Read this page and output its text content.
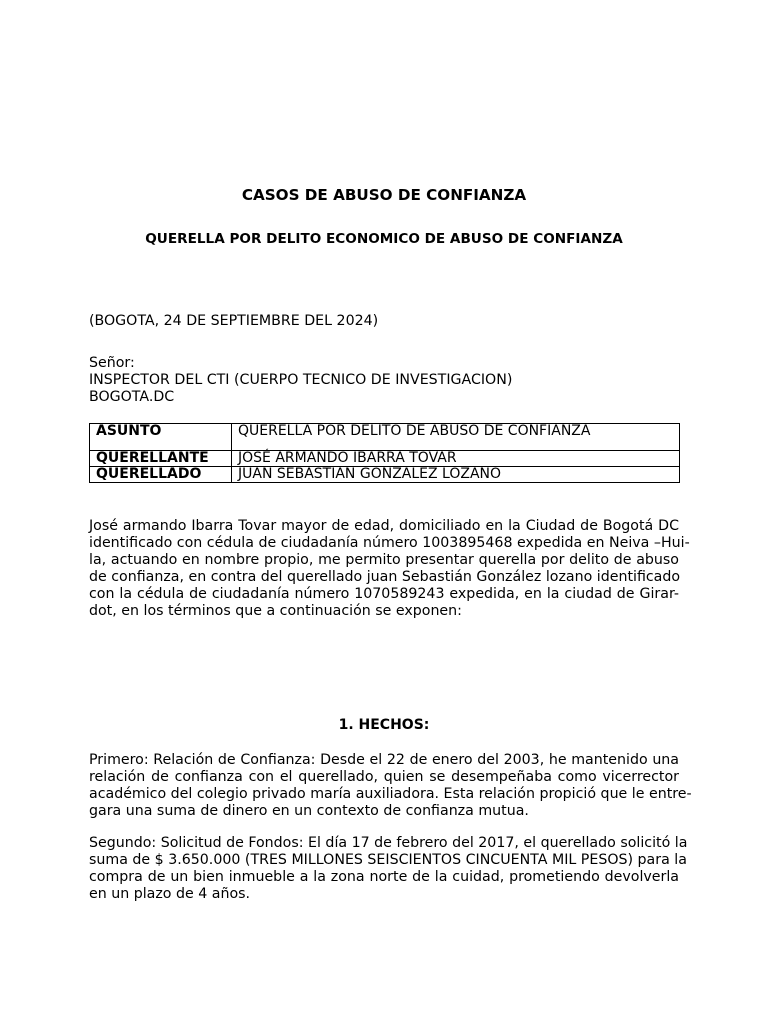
CASOS DE ABUSO DE CONFIANZA
QUERELLA POR DELITO ECONOMICO DE ABUSO DE CONFIANZA
(BOGOTA, 24 DE SEPTIEMBRE DEL 2024)
Señor:
INSPECTOR DEL CTI (CUERPO TECNICO DE INVESTIGACION)
BOGOTA.DC
ASUNTO	QUERELLA POR DELITO DE ABUSO DE CONFIANZA
QUERELLANTE	JOSÉ ARMANDO IBARRA TOVAR
QUERELLADO	JUAN SEBASTIAN GONZALEZ LOZANO
José armando Ibarra Tovar mayor de edad, domiciliado en la Ciudad de Bogotá DC
identificado con cédula de ciudadanía número 1003895468 expedida en Neiva –Hui-
la, actuando en nombre propio, me permito presentar querella por delito de abuso
de confianza, en contra del querellado juan Sebastián González lozano identificado
con la cédula de ciudadanía número 1070589243 expedida, en la ciudad de Girar-
dot, en los términos que a continuación se exponen:
1. HECHOS:
Primero: Relación de Confianza: Desde el 22 de enero del 2003, he mantenido una
relación de confianza con el querellado, quien se desempeñaba como vicerrector
académico del colegio privado maría auxiliadora. Esta relación propició que le entre-
gara una suma de dinero en un contexto de confianza mutua.
Segundo: Solicitud de Fondos: El día 17 de febrero del 2017, el querellado solicitó la
suma de $ 3.650.000 (TRES MILLONES SEISCIENTOS CINCUENTA MIL PESOS) para la
compra de un bien inmueble a la zona norte de la cuidad, prometiendo devolverla
en un plazo de 4 años.
